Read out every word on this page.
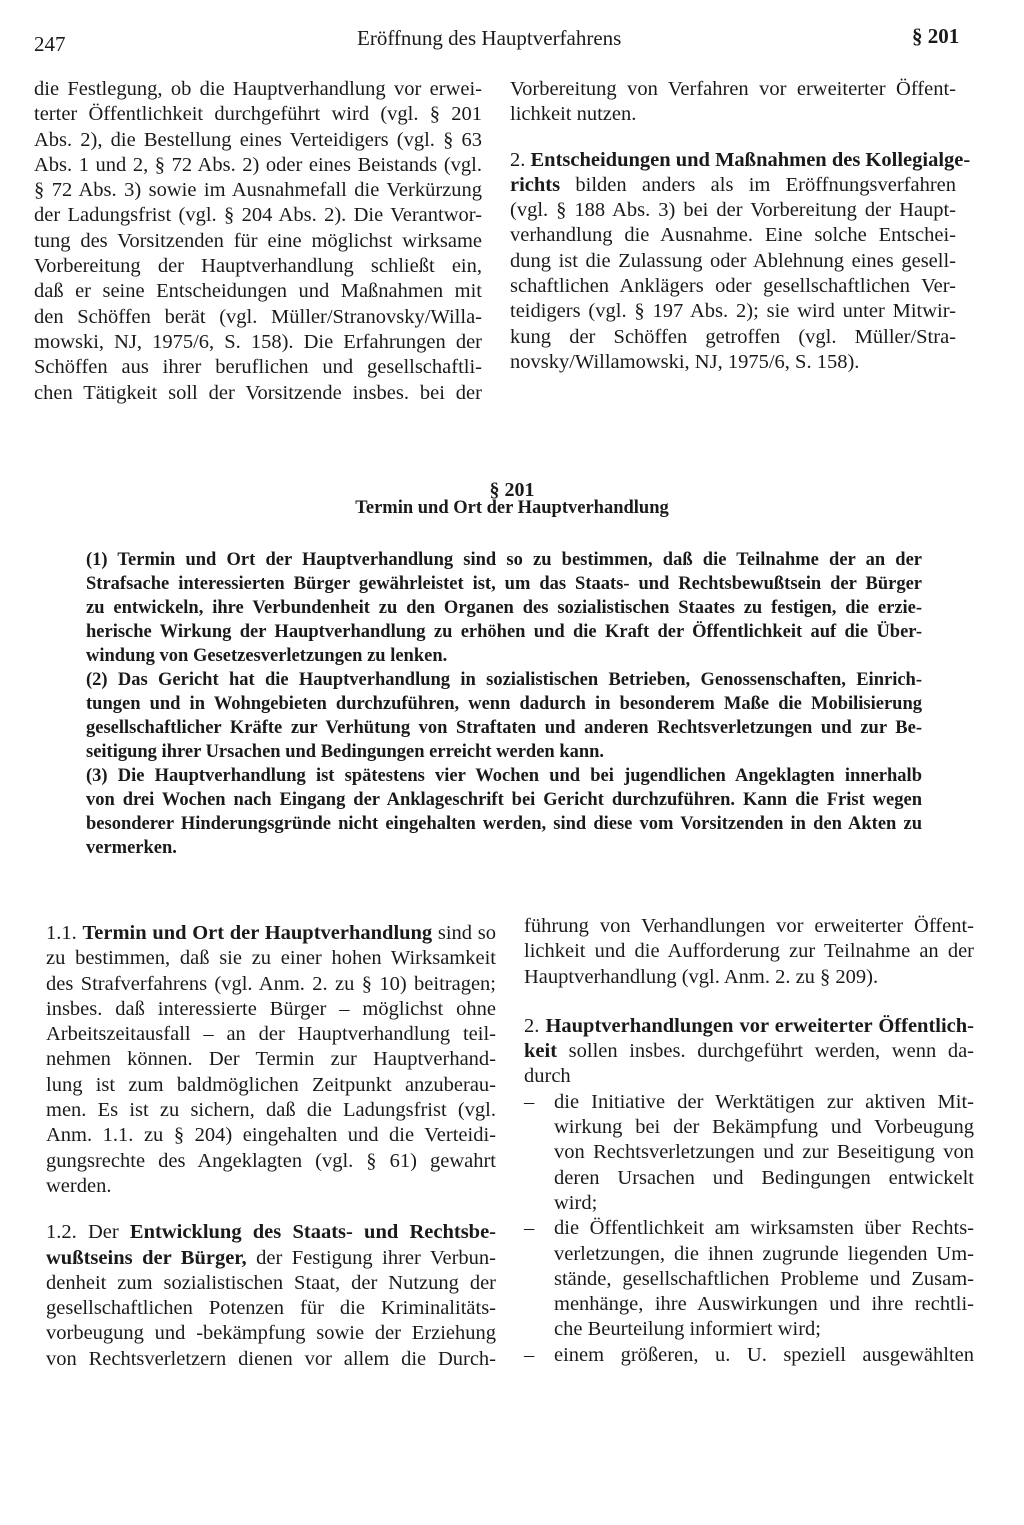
247	Eröffnung des Hauptverfahrens	§ 201
die Festlegung, ob die Hauptverhandlung vor erwei-
terter Öffentlichkeit durchgeführt wird (vgl. § 201
Abs. 2), die Bestellung eines Verteidigers (vgl. § 63
Abs. 1 und 2, § 72 Abs. 2) oder eines Beistands (vgl.
§ 72 Abs. 3) sowie im Ausnahmefall die Verkürzung
der Ladungsfrist (vgl. § 204 Abs. 2). Die Verantwor-
tung des Vorsitzenden für eine möglichst wirksame
Vorbereitung der Hauptverhandlung schließt ein,
daß er seine Entscheidungen und Maßnahmen mit
den Schöffen berät (vgl. Müller/Stranovsky/Willa-
mowski, NJ, 1975/6, S. 158). Die Erfahrungen der
Schöffen aus ihrer beruflichen und gesellschaftli-
chen Tätigkeit soll der Vorsitzende insbes. bei der
Vorbereitung von Verfahren vor erweiterter Öffent-
lichkeit nutzen.
2. Entscheidungen und Maßnahmen des Kollegialge-
richts bilden anders als im Eröffnungsverfahren
(vgl. § 188 Abs. 3) bei der Vorbereitung der Haupt-
verhandlung die Ausnahme. Eine solche Entschei-
dung ist die Zulassung oder Ablehnung eines gesell-
schaftlichen Anklägers oder gesellschaftlichen Ver-
teidigers (vgl. § 197 Abs. 2); sie wird unter Mitwir-
kung der Schöffen getroffen (vgl. Müller/Stra-
novsky/Willamowski, NJ, 1975/6, S. 158).
§ 201
Termin und Ort der Hauptverhandlung
(1) Termin und Ort der Hauptverhandlung sind so zu bestimmen, daß die Teilnahme der an der
Strafsache interessierten Bürger gewährleistet ist, um das Staats- und Rechtsbewußtsein der Bürger
zu entwickeln, ihre Verbundenheit zu den Organen des sozialistischen Staates zu festigen, die erzie-
herische Wirkung der Hauptverhandlung zu erhöhen und die Kraft der Öffentlichkeit auf die Über-
windung von Gesetzesverletzungen zu lenken.
(2) Das Gericht hat die Hauptverhandlung in sozialistischen Betrieben, Genossenschaften, Einrich-
tungen und in Wohngebieten durchzuführen, wenn dadurch in besonderem Maße die Mobilisierung
gesellschaftlicher Kräfte zur Verhütung von Straftaten und anderen Rechtsverletzungen und zur Be-
seitigung ihrer Ursachen und Bedingungen erreicht werden kann.
(3) Die Hauptverhandlung ist spätestens vier Wochen und bei jugendlichen Angeklagten innerhalb
von drei Wochen nach Eingang der Anklageschrift bei Gericht durchzuführen. Kann die Frist wegen
besonderer Hinderungsgründe nicht eingehalten werden, sind diese vom Vorsitzenden in den Akten zu
vermerken.
1.1. Termin und Ort der Hauptverhandlung sind so
zu bestimmen, daß sie zu einer hohen Wirksamkeit
des Strafverfahrens (vgl. Anm. 2. zu § 10) beitragen;
insbes. daß interessierte Bürger – möglichst ohne
Arbeitszeitausfall – an der Hauptverhandlung teil-
nehmen können. Der Termin zur Hauptverhand-
lung ist zum baldmöglichen Zeitpunkt anzuberau-
men. Es ist zu sichern, daß die Ladungsfrist (vgl.
Anm. 1.1. zu § 204) eingehalten und die Verteidi-
gungsrechte des Angeklagten (vgl. § 61) gewahrt
werden.
1.2. Der Entwicklung des Staats- und Rechtsbe-
wußtseins der Bürger, der Festigung ihrer Verbun-
denheit zum sozialistischen Staat, der Nutzung der
gesellschaftlichen Potenzen für die Kriminalitäts-
vorbeugung und -bekämpfung sowie der Erziehung
von Rechtsverletzern dienen vor allem die Durch-
führung von Verhandlungen vor erweiterter Öffent-
lichkeit und die Aufforderung zur Teilnahme an der
Hauptverhandlung (vgl. Anm. 2. zu § 209).
2. Hauptverhandlungen vor erweiterter Öffentlich-
keit sollen insbes. durchgeführt werden, wenn da-
durch
– die Initiative der Werktätigen zur aktiven Mit-
wirkung bei der Bekämpfung und Vorbeugung
von Rechtsverletzungen und zur Beseitigung von
deren Ursachen und Bedingungen entwickelt
wird;
– die Öffentlichkeit am wirksamsten über Rechts-
verletzungen, die ihnen zugrunde liegenden Um-
stände, gesellschaftlichen Probleme und Zusam-
menhänge, ihre Auswirkungen und ihre rechtli-
che Beurteilung informiert wird;
– einem größeren, u. U. speziell ausgewählten
